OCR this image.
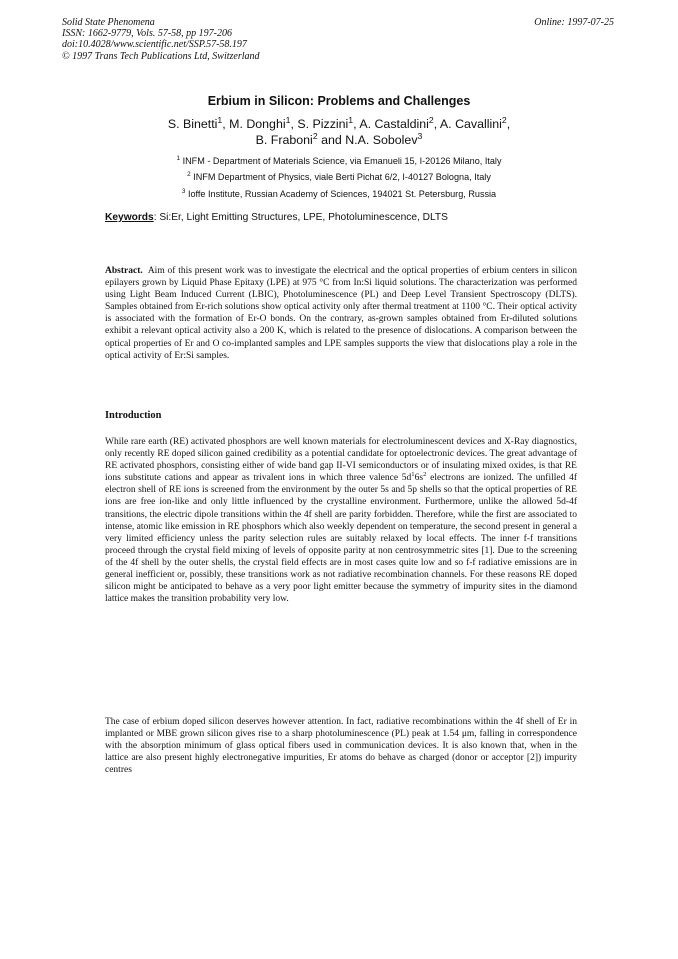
Solid State Phenomena
ISSN: 1662-9779, Vols. 57-58, pp 197-206
doi:10.4028/www.scientific.net/SSP.57-58.197
© 1997 Trans Tech Publications Ltd, Switzerland
Online: 1997-07-25
Erbium in Silicon: Problems and Challenges
S. Binetti$^1$, M. Donghi$^1$, S. Pizzini$^1$, A. Castaldini$^2$, A. Cavallini$^2$,
B. Fraboni$^2$ and N.A. Sobolev$^3$
$^1$ INFM - Department of Materials Science, via Emanueli 15, I-20126 Milano, Italy
$^2$ INFM Department of Physics, viale Berti Pichat 6/2, I-40127 Bologna, Italy
$^3$ Ioffe Institute, Russian Academy of Sciences, 194021 St. Petersburg, Russia
Keywords: Si:Er, Light Emitting Structures, LPE, Photoluminescence, DLTS
Abstract. Aim of this present work was to investigate the electrical and the optical properties of erbium centers in silicon epilayers grown by Liquid Phase Epitaxy (LPE) at 975 °C from In:Si liquid solutions. The characterization was performed using Light Beam Induced Current (LBIC), Photoluminescence (PL) and Deep Level Transient Spectroscopy (DLTS). Samples obtained from Er-rich solutions show optical activity only after thermal treatment at 1100 °C. Their optical activity is associated with the formation of Er-O bonds. On the contrary, as-grown samples obtained from Er-diluted solutions exhibit a relevant optical activity also a 200 K, which is related to the presence of dislocations. A comparison between the optical properties of Er and O co-implanted samples and LPE samples supports the view that dislocations play a role in the optical activity of Er:Si samples.
Introduction
While rare earth (RE) activated phosphors are well known materials for electroluminescent devices and X-Ray diagnostics, only recently RE doped silicon gained credibility as a potential candidate for optoelectronic devices. The great advantage of RE activated phosphors, consisting either of wide band gap II-VI semiconductors or of insulating mixed oxides, is that RE ions substitute cations and appear as trivalent ions in which three valence $5d^16s^2$ electrons are ionized. The unfilled 4f electron shell of RE ions is screened from the environment by the outer 5s and 5p shells so that the optical properties of RE ions are free ion-like and only little influenced by the crystalline environment. Furthermore, unlike the allowed 5d-4f transitions, the electric dipole transitions within the 4f shell are parity forbidden. Therefore, while the first are associated to intense, atomic like emission in RE phosphors which also weekly dependent on temperature, the second present in general a very limited efficiency unless the parity selection rules are suitably relaxed by local effects. The inner f-f transitions proceed through the crystal field mixing of levels of opposite parity at non centrosymmetric sites [1]. Due to the screening of the 4f shell by the outer shells, the crystal field effects are in most cases quite low and so f-f radiative emissions are in general inefficient or, possibly, these transitions work as not radiative recombination channels. For these reasons RE doped silicon might be anticipated to behave as a very poor light emitter because the symmetry of impurity sites in the diamond lattice makes the transition probability very low.
The case of erbium doped silicon deserves however attention. In fact, radiative recombinations within the 4f shell of Er in implanted or MBE grown silicon gives rise to a sharp photoluminescence (PL) peak at 1.54 μm, falling in correspondence with the absorption minimum of glass optical fibers used in communication devices. It is also known that, when in the lattice are also present highly electronegative impurities, Er atoms do behave as charged (donor or acceptor [2]) impurity centres
